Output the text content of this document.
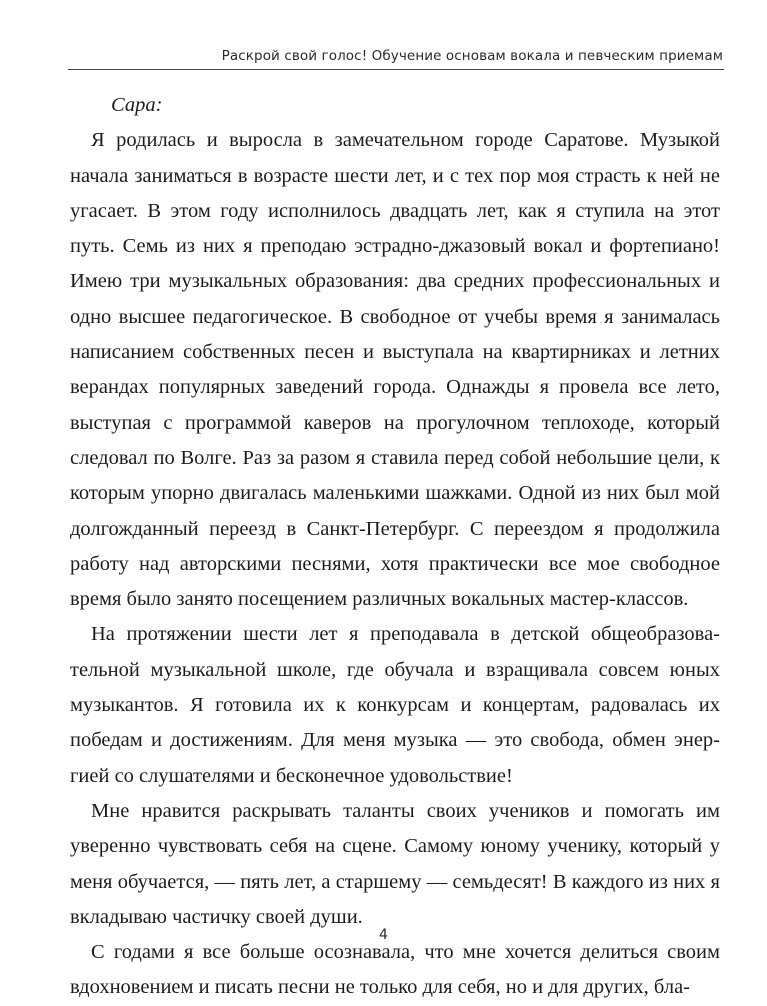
Раскрой свой голос! Обучение основам вокала и певческим приемам

Сара:

Я родилась и выросла в замечательном городе Саратове. Музыкой начала заниматься в возрасте шести лет, и с тех пор моя страсть к ней не угасает. В этом году исполнилось двадцать лет, как я ступила на этот путь. Семь из них я преподаю эстрадно-джазовый вокал и фортепиано! Имею три музыкальных образования: два средних профессиональных и одно высшее педагогическое. В свободное от учебы время я занималась написанием собственных песен и выступала на квартирниках и летних верандах популярных заведений города. Однажды я провела все лето, выступая с программой каверов на прогулочном теплоходе, который следовал по Волге. Раз за разом я ставила перед собой небольшие цели, к которым упорно двигалась маленькими шажками. Одной из них был мой долгожданный переезд в Санкт-Петербург. С переездом я продолжила работу над авторскими песнями, хотя практически все мое свободное время было занято посещением различных вокальных мастер-классов.

На протяжении шести лет я преподавала в детской общеобразовательной музыкальной школе, где обучала и взращивала совсем юных музыкантов. Я готовила их к конкурсам и концертам, радовалась их победам и достижениям. Для меня музыка — это свобода, обмен энергией со слушателями и бесконечное удовольствие!

Мне нравится раскрывать таланты своих учеников и помогать им уверенно чувствовать себя на сцене. Самому юному ученику, который у меня обучается, — пять лет, а старшему — семьдесят! В каждого из них я вкладываю частичку своей души.

С годами я все больше осознавала, что мне хочется делиться своим вдохновением и писать песни не только для себя, но и для других, бла-

4
